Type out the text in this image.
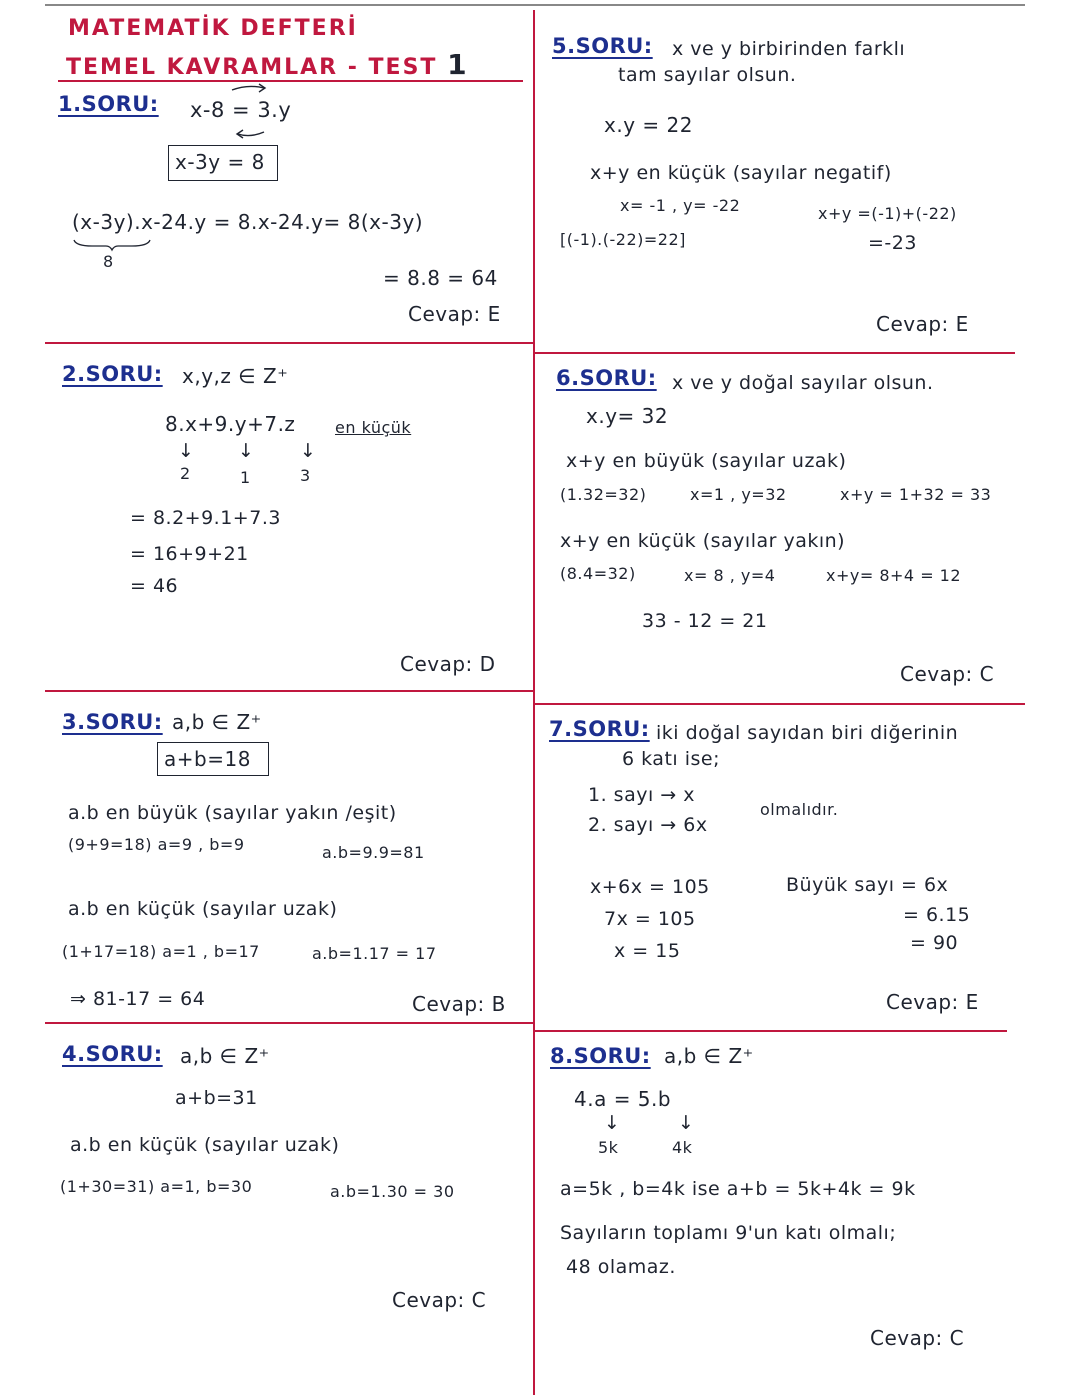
MATEMATİK DEFTERİ
TEMEL KAVRAMLAR - TEST 1
1.SORU: x-8 = 3.y
x-3y = 8
(x-3y).x-24.y = 8.x-24.y= 8(x-3y)
8
= 8.8 = 64
Cevap: E
2.SORU: x,y,z ∈ Z⁺
8.x+9.y+7.z en küçük
↓ ↓ ↓
2	1	3
= 8.2+9.1+7.3
= 16+9+21
= 46
Cevap: D
3.SORU: a,b ∈ Z⁺
a+b=18
a.b en büyük (sayılar yakın /eşit)
(9+9=18) a=9 , b=9	a.b=9.9=81
a.b en küçük (sayılar uzak)
(1+17=18) a=1 , b=17	a.b=1.17 = 17
⇒ 81-17 = 64	Cevap: B
4.SORU: a,b ∈ Z⁺
a+b=31
a.b en küçük (sayılar uzak)
(1+30=31) a=1, b=30	a.b=1.30 = 30
Cevap: C
5.SORU: x ve y birbirinden farklı
tam sayılar olsun.
x.y = 22
x+y en küçük (sayılar negatif)
x= -1 , y= -22	x+y =(-1)+(-22)
[(-1).(-22)=22]	=-23
Cevap: E
6.SORU: x ve y doğal sayılar olsun.
x.y= 32
x+y en büyük (sayılar uzak)
(1.32=32)	x=1 , y=32	x+y = 1+32 = 33
x+y en küçük (sayılar yakın)
(8.4=32)	x= 8 , y=4	x+y= 8+4 = 12
33 - 12 = 21
Cevap: C
7.SORU: iki doğal sayıdan biri diğerinin
6 katı ise;
1. sayı → x
2. sayı → 6x
olmalıdır.
x+6x = 105
7x = 105
x = 15
Büyük sayı = 6x
= 6.15
= 90
Cevap: E
8.SORU: a,b ∈ Z⁺
4.a = 5.b
↓	↓
5k	4k
a=5k , b=4k ise a+b = 5k+4k = 9k
Sayıların toplamı 9'un katı olmalı;
48 olamaz.
Cevap: C
